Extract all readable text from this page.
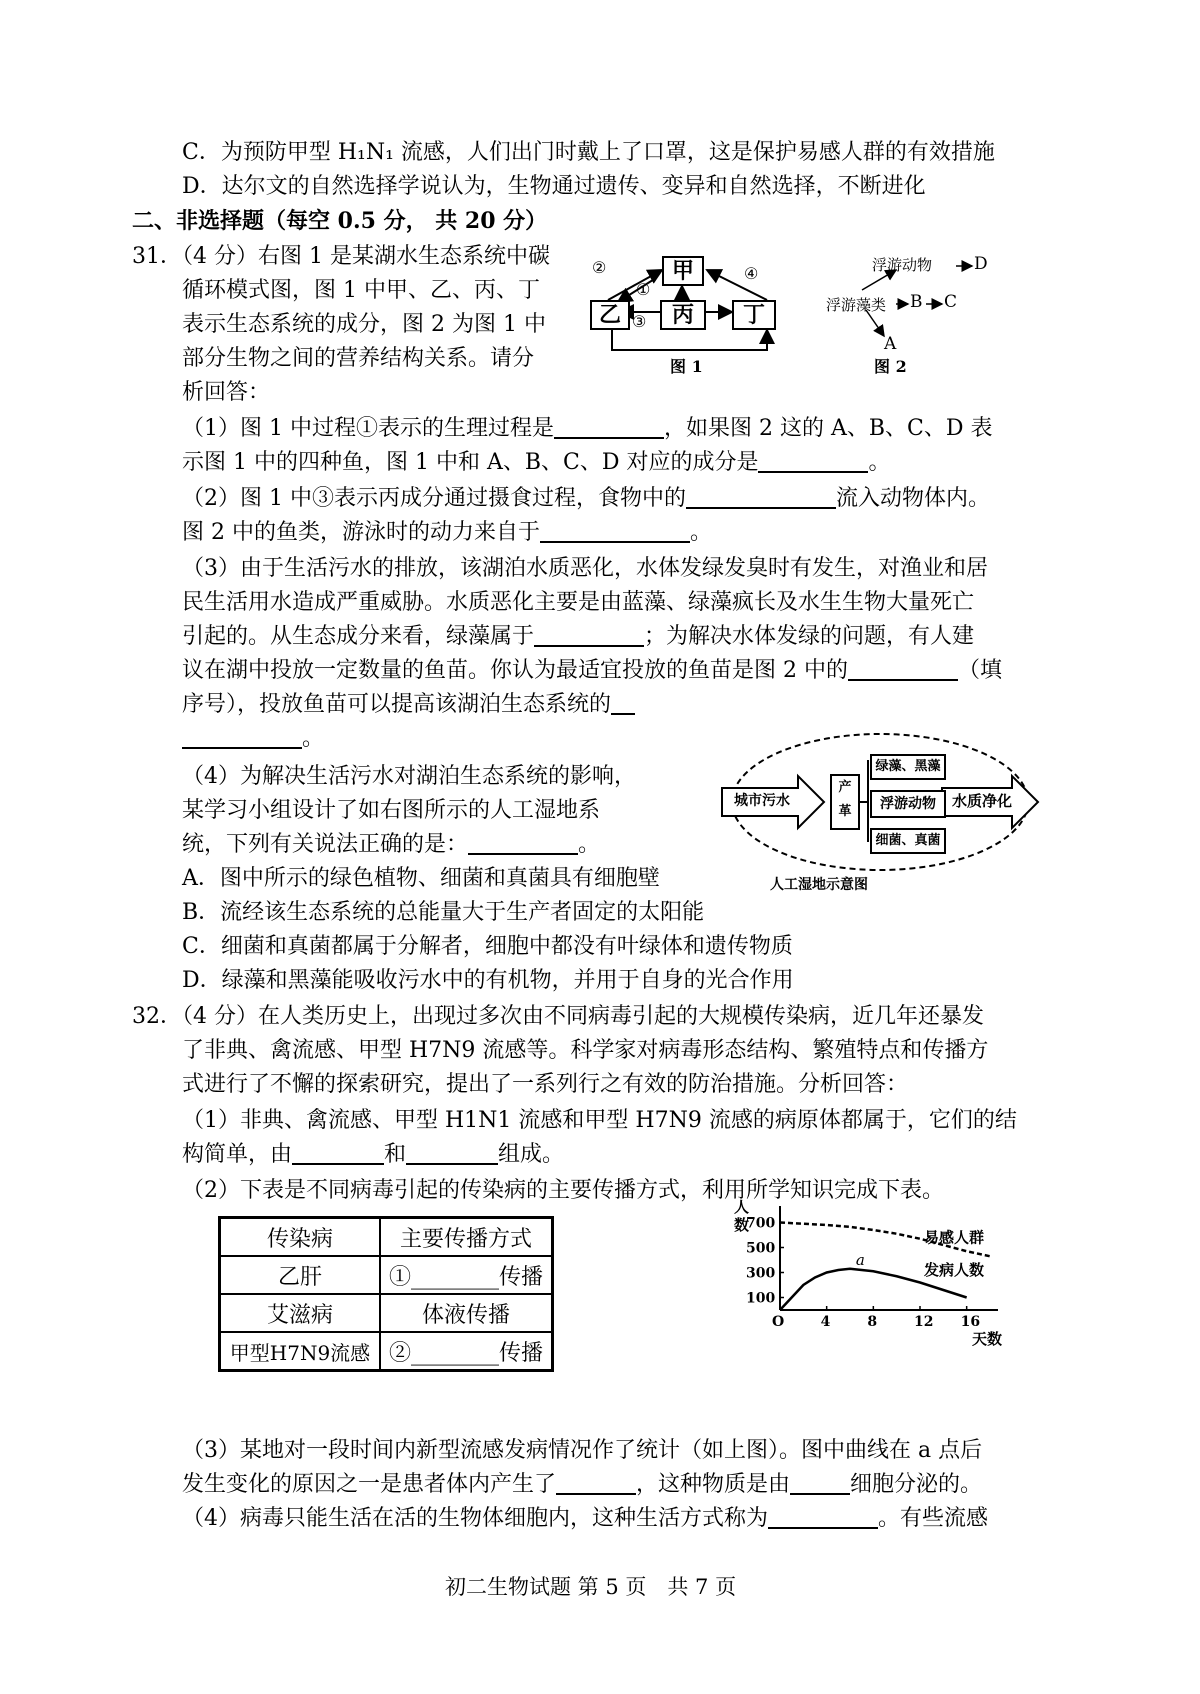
C．为预防甲型 H₁N₁ 流感，人们出门时戴上了口罩，这是保护易感人群的有效措施
D．达尔文的自然选择学说认为，生物通过遗传、变异和自然选择，不断进化
二、非选择题（每空 0.5 分， 共 20 分）
31．（4 分）右图 1 是某湖水生态系统中碳
循环模式图，图 1 中甲、乙、丙、丁
表示生态系统的成分，图 2 为图 1 中
部分生物之间的营养结构关系。请分
析回答：
甲
乙	丙	丁
②
①
③
④
图 1
浮游动物 D
浮游藻类 B C
A
图 2
（1）图 1 中过程①表示的生理过程是	，如果图 2 这的 A、B、C、D 表
示图 1 中的四种鱼，图 1 中和 A、B、C、D 对应的成分是	。
（2）图 1 中③表示丙成分通过摄食过程，食物中的	流入动物体内。
图 2 中的鱼类，游泳时的动力来自于	。
（3）由于生活污水的排放，该湖泊水质恶化，水体发绿发臭时有发生，对渔业和居
民生活用水造成严重威胁。水质恶化主要是由蓝藻、绿藻疯长及水生生物大量死亡
引起的。从生态成分来看，绿藻属于	；为解决水体发绿的问题，有人建
议在湖中投放一定数量的鱼苗。你认为最适宜投放的鱼苗是图 2 中的	（填
序号），投放鱼苗可以提高该湖泊生态系统的
。
（4）为解决生活污水对湖泊生态系统的影响，
某学习小组设计了如右图所示的人工湿地系
统，下列有关说法正确的是：	。
城市污水
产 革
绿藻、黑藻
浮游动物
细菌、真菌
水质净化
人工湿地示意图
A．图中所示的绿色植物、细菌和真菌具有细胞壁
B．流经该生态系统的总能量大于生产者固定的太阳能
C．细菌和真菌都属于分解者，细胞中都没有叶绿体和遗传物质
D．绿藻和黑藻能吸收污水中的有机物，并用于自身的光合作用
32．（4 分）在人类历史上，出现过多次由不同病毒引起的大规模传染病，近几年还暴发
了非典、禽流感、甲型 H7N9 流感等。科学家对病毒形态结构、繁殖特点和传播方
式进行了不懈的探索研究，提出了一系列行之有效的防治措施。分析回答：
（1）非典、禽流感、甲型 H1N1 流感和甲型 H7N9 流感的病原体都属于，它们的结
构简单，由	和	组成。
（2）下表是不同病毒引起的传染病的主要传播方式，利用所学知识完成下表。
传染病	主要传播方式
乙肝	①________传播
艾滋病	体液传播
甲型H7N9流感	②________传播
O	4	8	12 16
100
300
500
700
人
数
天数
易感人群
发病人数
a
（3）某地对一段时间内新型流感发病情况作了统计（如上图）。图中曲线在 a 点后
发生变化的原因之一是患者体内产生了	，这种物质是由	细胞分泌的。
（4）病毒只能生活在活的生物体细胞内，这种生活方式称为	。有些流感
初二生物试题 第 5 页　共 7 页
